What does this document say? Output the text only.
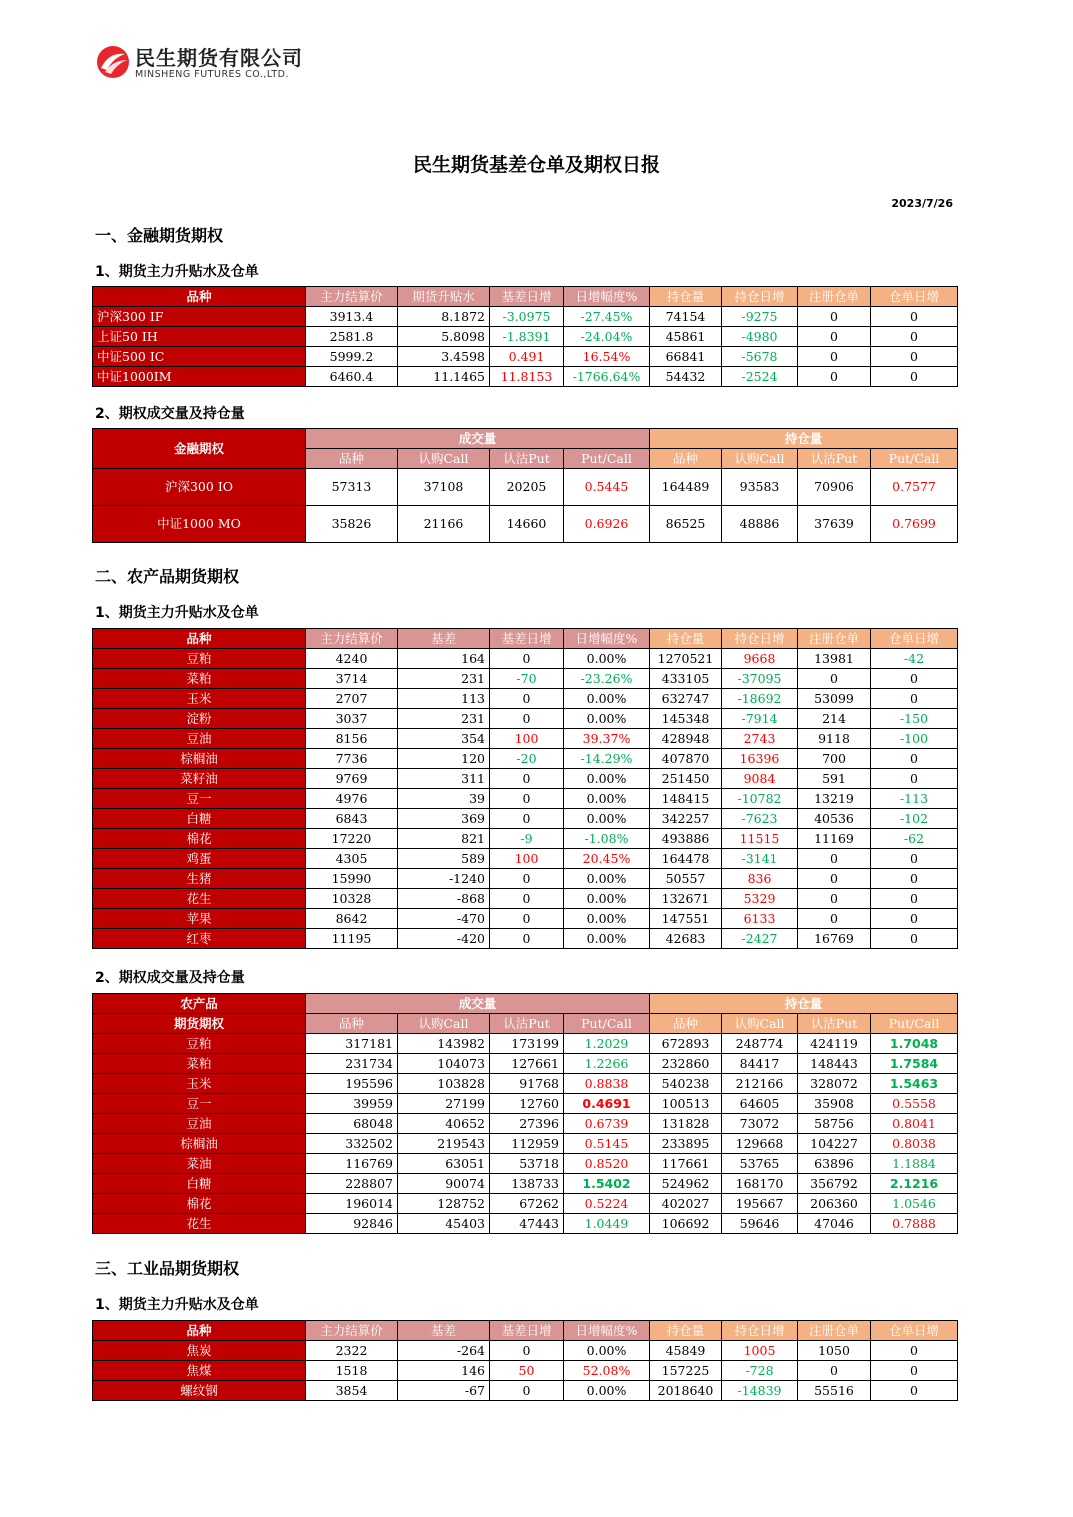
民生期货有限公司
MINSHENG FUTURES CO.,LTD.
民生期货基差仓单及期权日报
2023/7/26
一、金融期货期权
1、期货主力升贴水及仓单
品种	主力结算价	期货升贴水	基差日增	日增幅度%	持仓量	持仓日增	注册仓单	仓单日增
沪深300 IF	3913.4	8.1872	-3.0975	-27.45%	74154	-9275	0	0
上证50 IH	2581.8	5.8098	-1.8391	-24.04%	45861	-4980	0	0
中证500 IC	5999.2	3.4598	0.491	16.54%	66841	-5678	0	0
中证1000IM	6460.4	11.1465	11.8153	-1766.64%	54432	-2524	0	0
2、期权成交量及持仓量
金融期权	成交量				持仓量			
	品种	认购Call	认沽Put	Put/Call	品种	认购Call	认沽Put	Put/Call
沪深300 IO	57313	37108	20205	0.5445	164489	93583	70906	0.7577
中证1000 MO	35826	21166	14660	0.6926	86525	48886	37639	0.7699
二、农产品期货期权
1、期货主力升贴水及仓单
品种	主力结算价	基差	基差日增	日增幅度%	持仓量	持仓日增	注册仓单	仓单日增
豆粕	4240	164	0	0.00%	1270521	9668	13981	-42
菜粕	3714	231	-70	-23.26%	433105	-37095	0	0
玉米	2707	113	0	0.00%	632747	-18692	53099	0
淀粉	3037	231	0	0.00%	145348	-7914	214	-150
豆油	8156	354	100	39.37%	428948	2743	9118	-100
棕榈油	7736	120	-20	-14.29%	407870	16396	700	0
菜籽油	9769	311	0	0.00%	251450	9084	591	0
豆一	4976	39	0	0.00%	148415	-10782	13219	-113
白糖	6843	369	0	0.00%	342257	-7623	40536	-102
棉花	17220	821	-9	-1.08%	493886	11515	11169	-62
鸡蛋	4305	589	100	20.45%	164478	-3141	0	0
生猪	15990	-1240	0	0.00%	50557	836	0	0
花生	10328	-868	0	0.00%	132671	5329	0	0
苹果	8642	-470	0	0.00%	147551	6133	0	0
红枣	11195	-420	0	0.00%	42683	-2427	16769	0
2、期权成交量及持仓量
农产品	成交量				持仓量			
期货期权	品种	认购Call	认沽Put	Put/Call	品种	认购Call	认沽Put	Put/Call
豆粕	317181	143982	173199	1.2029	672893	248774	424119	1.7048
菜粕	231734	104073	127661	1.2266	232860	84417	148443	1.7584
玉米	195596	103828	91768	0.8838	540238	212166	328072	1.5463
豆一	39959	27199	12760	0.4691	100513	64605	35908	0.5558
豆油	68048	40652	27396	0.6739	131828	73072	58756	0.8041
棕榈油	332502	219543	112959	0.5145	233895	129668	104227	0.8038
菜油	116769	63051	53718	0.8520	117661	53765	63896	1.1884
白糖	228807	90074	138733	1.5402	524962	168170	356792	2.1216
棉花	196014	128752	67262	0.5224	402027	195667	206360	1.0546
花生	92846	45403	47443	1.0449	106692	59646	47046	0.7888
三、工业品期货期权
1、期货主力升贴水及仓单
品种	主力结算价	基差	基差日增	日增幅度%	持仓量	持仓日增	注册仓单	仓单日增
焦炭	2322	-264	0	0.00%	45849	1005	1050	0
焦煤	1518	146	50	52.08%	157225	-728	0	0
螺纹钢	3854	-67	0	0.00%	2018640	-14839	55516	0
